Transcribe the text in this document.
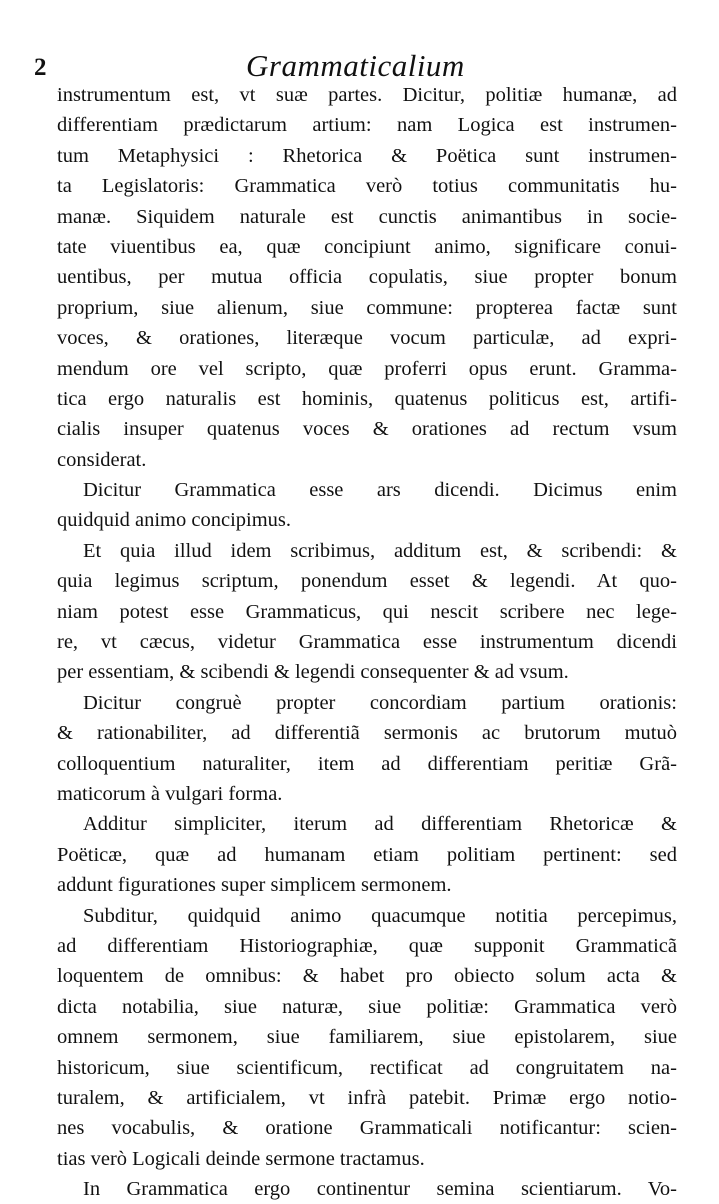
2	Grammaticalium
instrumentum est, vt suæ partes. Dicitur, politiæ humanæ, ad
differentiam prædictarum artium: nam Logica est instrumen-
tum Metaphysici : Rhetorica & Poëtica sunt instrumen-
ta Legislatoris: Grammatica verò totius communitatis hu-
manæ. Siquidem naturale est cunctis animantibus in socie-
tate viuentibus ea, quæ concipiunt animo, significare conui-
uentibus, per mutua officia copulatis, siue propter bonum
proprium, siue alienum, siue commune: propterea factæ sunt
voces, & orationes, literæque vocum particulæ, ad expri-
mendum ore vel scripto, quæ proferri opus erunt. Gramma-
tica ergo naturalis est hominis, quatenus politicus est, artifi-
cialis insuper quatenus voces & orationes ad rectum vsum
considerat.
Dicitur Grammatica esse ars dicendi. Dicimus enim
quidquid animo concipimus.
Et quia illud idem scribimus, additum est, & scribendi: &
quia legimus scriptum, ponendum esset & legendi. At quo-
niam potest esse Grammaticus, qui nescit scribere nec lege-
re, vt cæcus, videtur Grammatica esse instrumentum dicendi
per essentiam, & scibendi & legendi consequenter & ad vsum.
Dicitur congruè propter concordiam partium orationis:
& rationabiliter, ad differentiã sermonis ac brutorum mutuò
colloquentium naturaliter, item ad differentiam peritiæ Grã-
maticorum à vulgari forma.
Additur simpliciter, iterum ad differentiam Rhetoricæ &
Poëticæ, quæ ad humanam etiam politiam pertinent: sed
addunt figurationes super simplicem sermonem.
Subditur, quidquid animo quacumque notitia percepimus,
ad differentiam Historiographiæ, quæ supponit Grammaticã
loquentem de omnibus: & habet pro obiecto solum acta &
dicta notabilia, siue naturæ, siue politiæ: Grammatica verò
omnem sermonem, siue familiarem, siue epistolarem, siue
historicum, siue scientificum, rectificat ad congruitatem na-
turalem, & artificialem, vt infrà patebit. Primæ ergo notio-
nes vocabulis, & oratione Grammaticali notificantur: scien-
tias verò Logicali deinde sermone tractamus.
In Grammatica ergo continentur semina scientiarum. Vo-
